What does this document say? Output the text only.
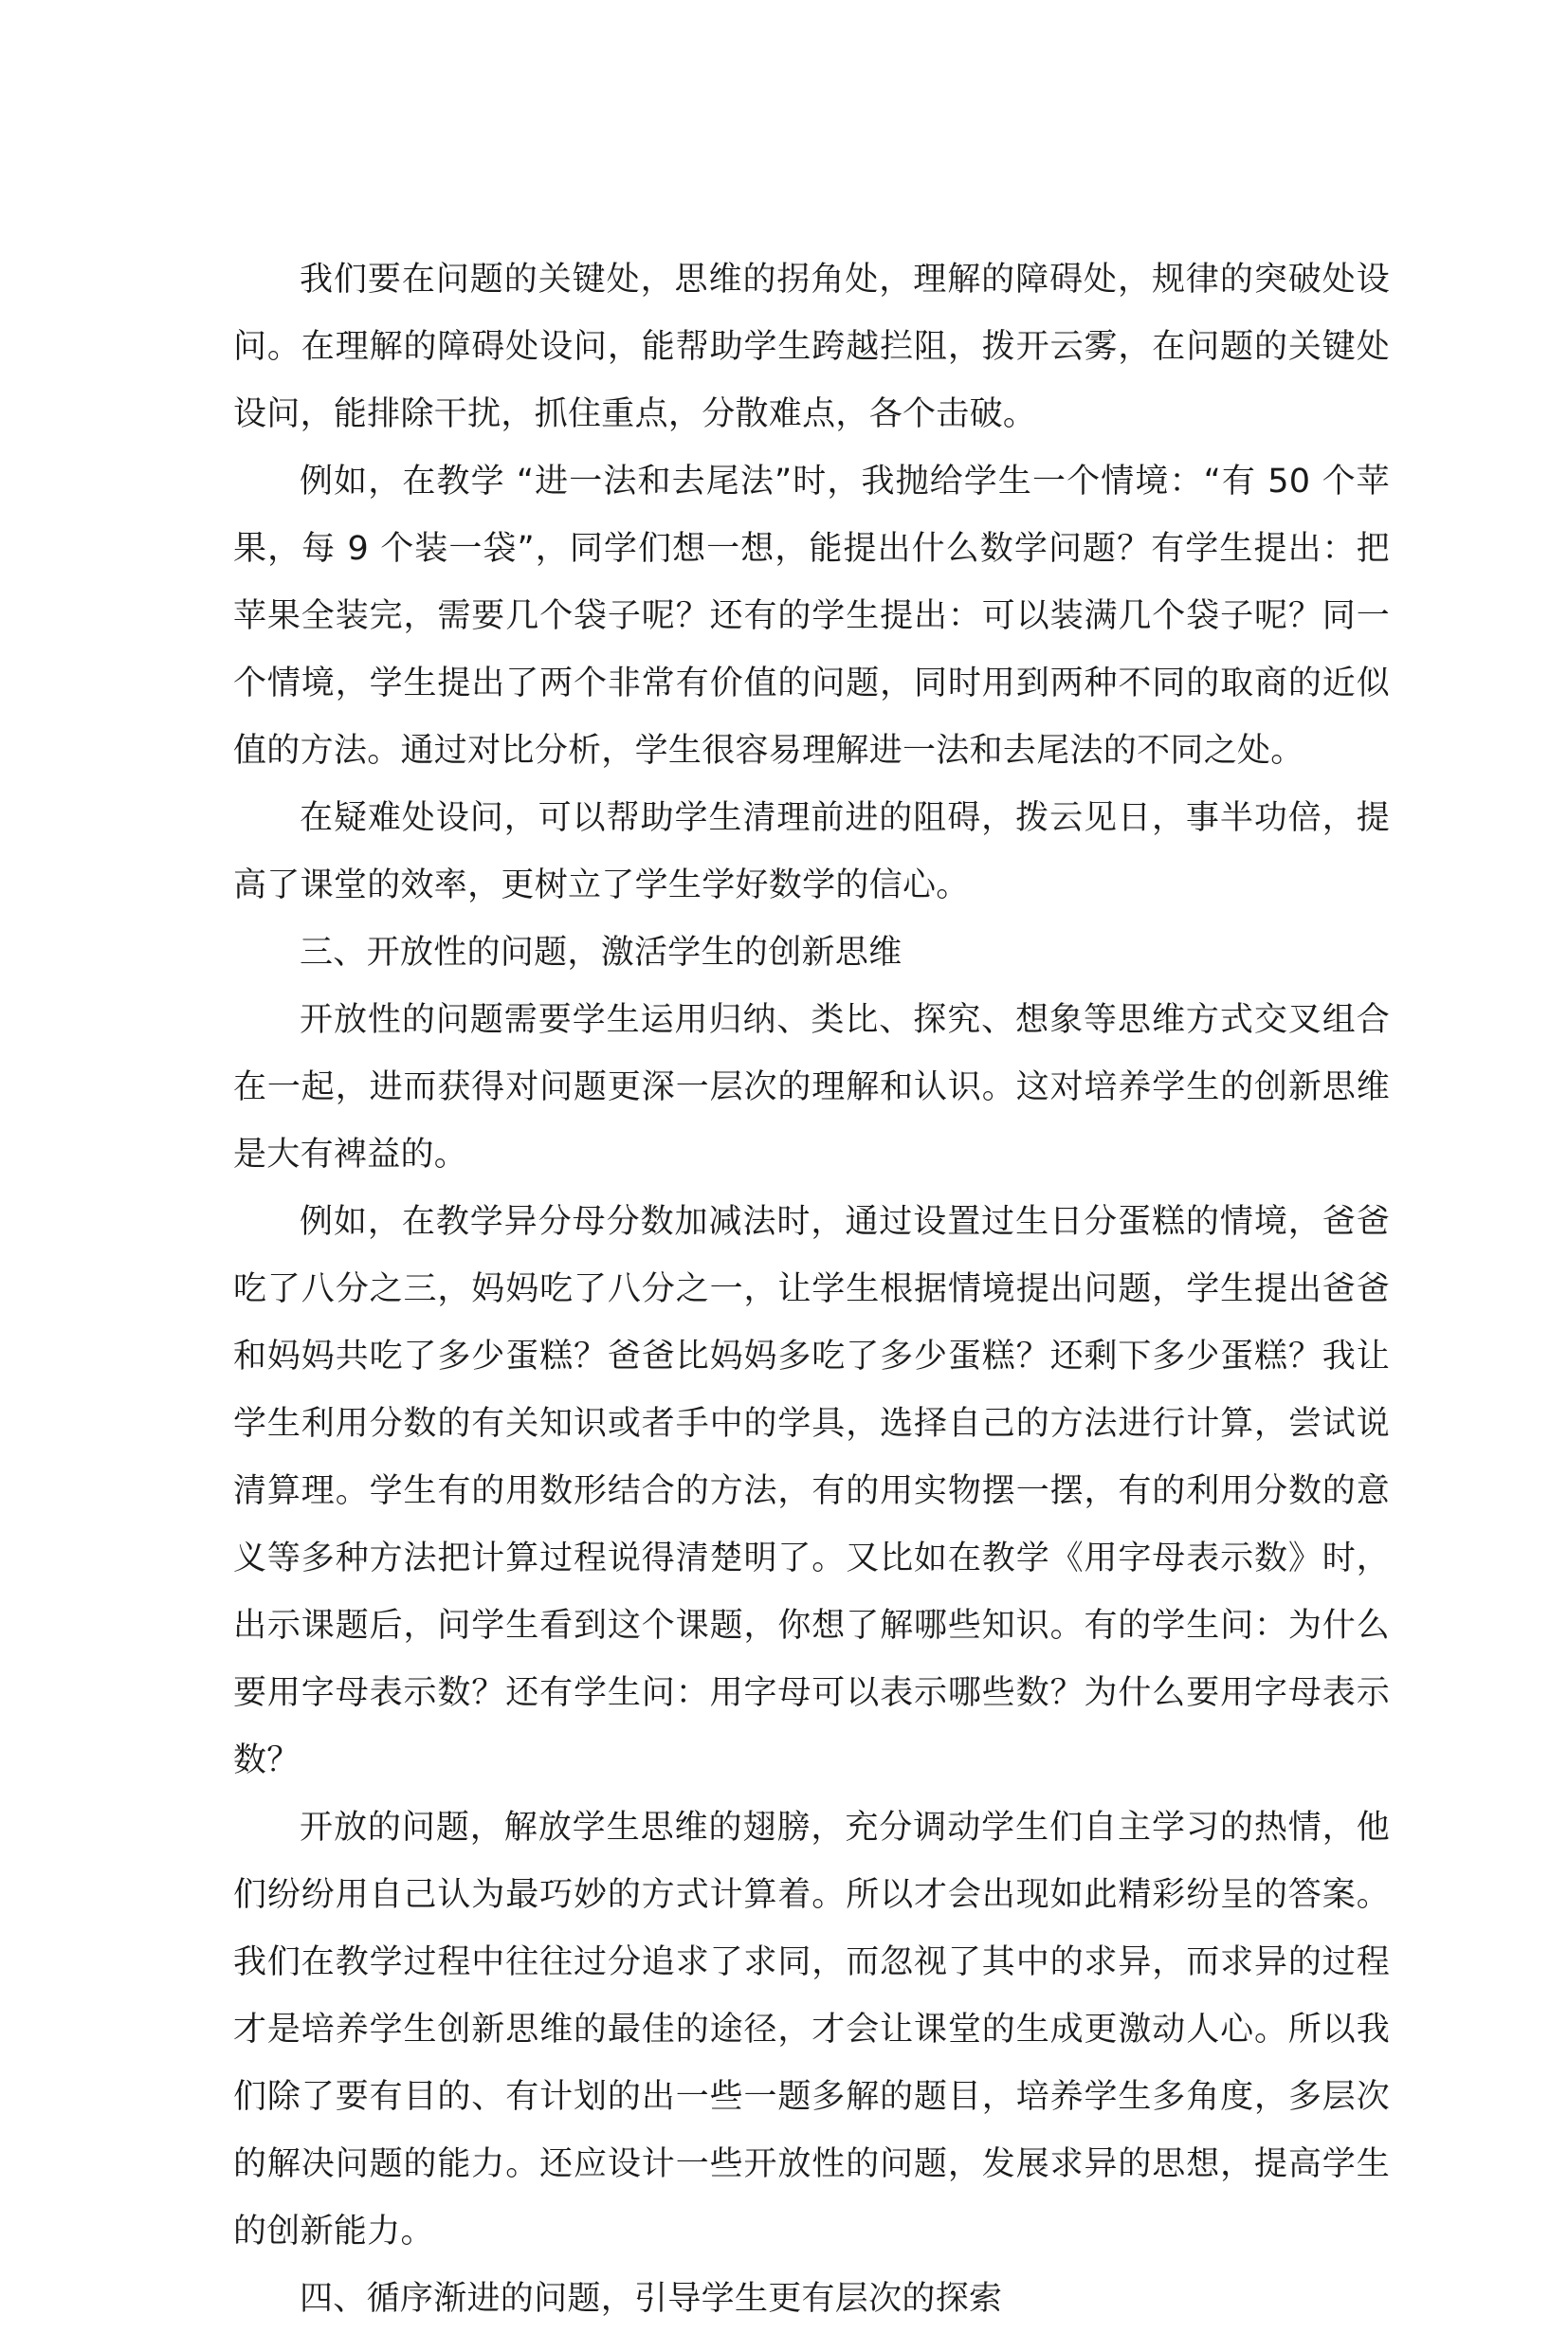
我们要在问题的关键处，思维的拐角处，理解的障碍处，规律的突破处设问。在理解的障碍处设问，能帮助学生跨越拦阻，拨开云雾，在问题的关键处设问，能排除干扰，抓住重点，分散难点，各个击破。

例如，在教学 “进一法和去尾法”时，我抛给学生一个情境：“有 50 个苹果，每 9 个装一袋”，同学们想一想，能提出什么数学问题？有学生提出：把苹果全装完，需要几个袋子呢？还有的学生提出：可以装满几个袋子呢？同一个情境，学生提出了两个非常有价值的问题，同时用到两种不同的取商的近似值的方法。通过对比分析，学生很容易理解进一法和去尾法的不同之处。

在疑难处设问，可以帮助学生清理前进的阻碍，拨云见日，事半功倍，提高了课堂的效率，更树立了学生学好数学的信心。

三、开放性的问题，激活学生的创新思维

开放性的问题需要学生运用归纳、类比、探究、想象等思维方式交叉组合在一起，进而获得对问题更深一层次的理解和认识。这对培养学生的创新思维是大有裨益的。

例如，在教学异分母分数加减法时，通过设置过生日分蛋糕的情境，爸爸吃了八分之三，妈妈吃了八分之一，让学生根据情境提出问题，学生提出爸爸和妈妈共吃了多少蛋糕？爸爸比妈妈多吃了多少蛋糕？还剩下多少蛋糕？我让学生利用分数的有关知识或者手中的学具，选择自己的方法进行计算，尝试说清算理。学生有的用数形结合的方法，有的用实物摆一摆，有的利用分数的意义等多种方法把计算过程说得清楚明了。又比如在教学《用字母表示数》时，出示课题后，问学生看到这个课题，你想了解哪些知识。有的学生问：为什么要用字母表示数？还有学生问：用字母可以表示哪些数？为什么要用字母表示数？

开放的问题，解放学生思维的翅膀，充分调动学生们自主学习的热情，他们纷纷用自己认为最巧妙的方式计算着。所以才会出现如此精彩纷呈的答案。我们在教学过程中往往过分追求了求同，而忽视了其中的求异，而求异的过程才是培养学生创新思维的最佳的途径，才会让课堂的生成更激动人心。所以我们除了要有目的、有计划的出一些一题多解的题目，培养学生多角度，多层次的解决问题的能力。还应设计一些开放性的问题，发展求异的思想，提高学生的创新能力。

四、循序渐进的问题，引导学生更有层次的探索
